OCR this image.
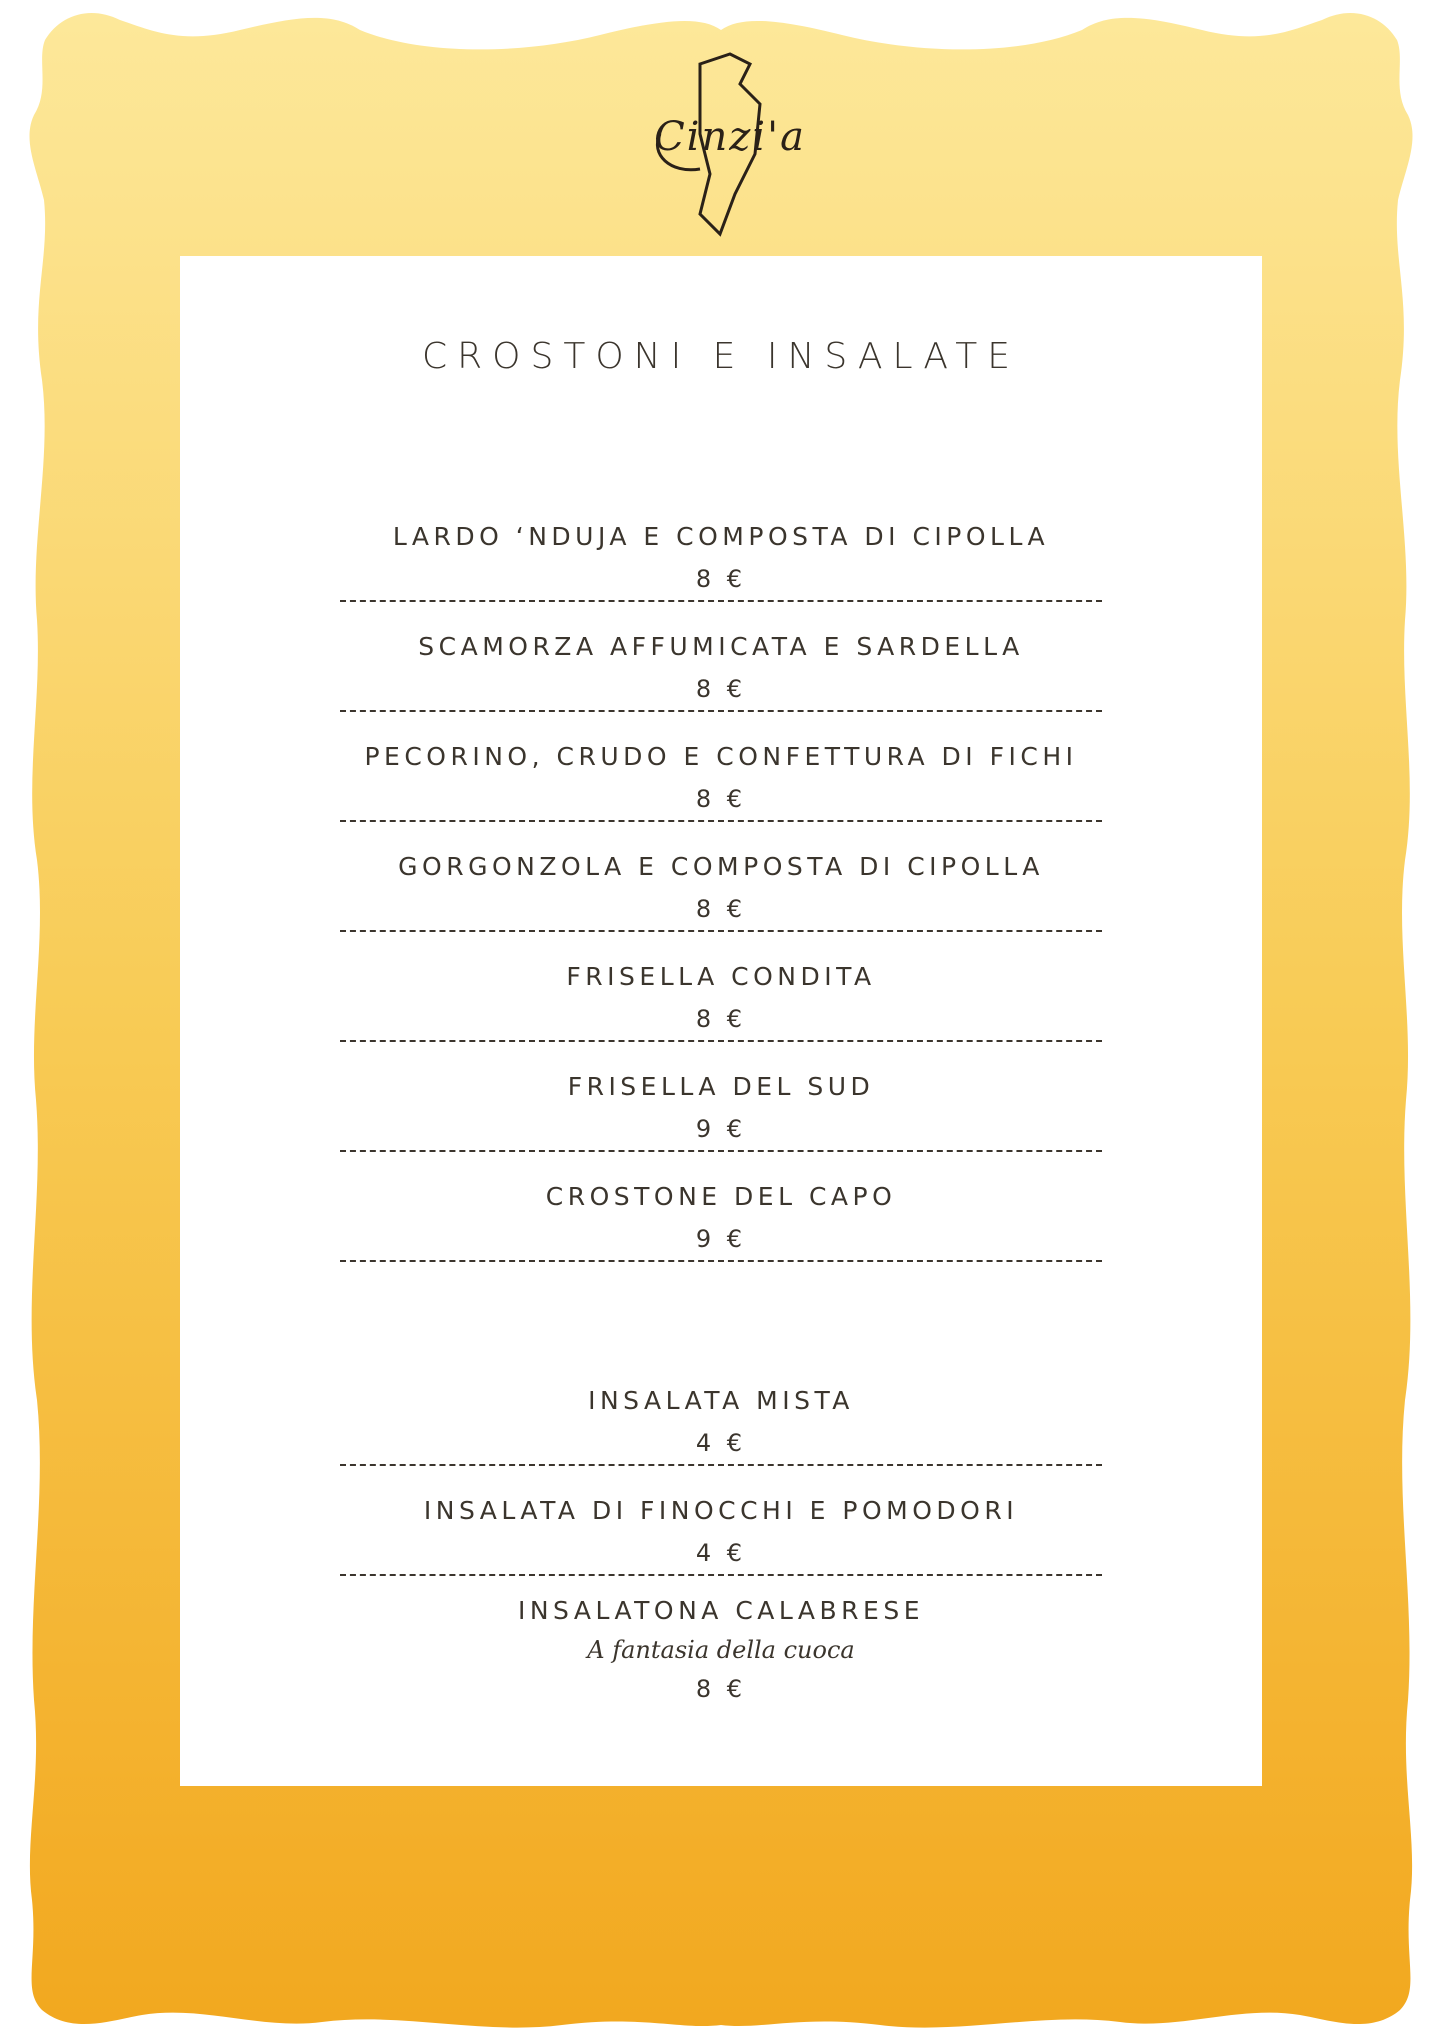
Cinzi'a
CROSTONI E INSALATE
LARDO ‘NDUJA E COMPOSTA DI CIPOLLA
8 €
SCAMORZA AFFUMICATA E SARDELLA
8 €
PECORINO, CRUDO E CONFETTURA DI FICHI
8 €
GORGONZOLA E COMPOSTA DI CIPOLLA
8 €
FRISELLA CONDITA
8 €
FRISELLA DEL SUD
9 €
CROSTONE DEL CAPO
9 €
INSALATA MISTA
4 €
INSALATA DI FINOCCHI E POMODORI
4 €
INSALATONA CALABRESE
A fantasia della cuoca
8 €
